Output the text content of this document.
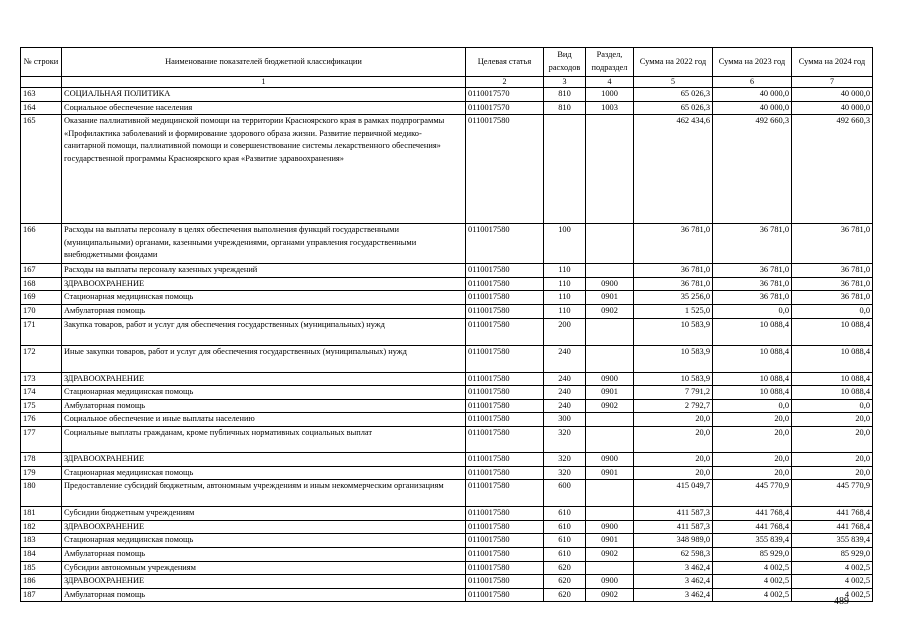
№ строки	Наименование показателей бюджетной классификации	Целевая статья	Вид расходов	Раздел, подраздел	Сумма на 2022 год	Сумма на 2023 год	Сумма на 2024 год
	1	2	3	4	5	6	7
163	СОЦИАЛЬНАЯ ПОЛИТИКА	0110017570	810	1000	65 026,3	40 000,0	40 000,0
164	Социальное обеспечение населения	0110017570	810	1003	65 026,3	40 000,0	40 000,0
165	Оказание паллиативной медицинской помощи на территории Красноярского края в рамках подпрограммы «Профилактика заболеваний и формирование здорового образа жизни. Развитие первичной медико-санитарной помощи, паллиативной помощи и совершенствование системы лекарственного обеспечения» государственной программы Красноярского края «Развитие здравоохранения»	0110017580			462 434,6	492 660,3	492 660,3
166	Расходы на выплаты персоналу в целях обеспечения выполнения функций государственными (муниципальными) органами, казенными учреждениями, органами управления государственными внебюджетными фондами	0110017580	100		36 781,0	36 781,0	36 781,0
167	Расходы на выплаты персоналу казенных учреждений	0110017580	110		36 781,0	36 781,0	36 781,0
168	ЗДРАВООХРАНЕНИЕ	0110017580	110	0900	36 781,0	36 781,0	36 781,0
169	Стационарная медицинская помощь	0110017580	110	0901	35 256,0	36 781,0	36 781,0
170	Амбулаторная помощь	0110017580	110	0902	1 525,0	0,0	0,0
171	Закупка товаров, работ и услуг для обеспечения государственных (муниципальных) нужд	0110017580	200		10 583,9	10 088,4	10 088,4
172	Иные закупки товаров, работ и услуг для обеспечения государственных (муниципальных) нужд	0110017580	240		10 583,9	10 088,4	10 088,4
173	ЗДРАВООХРАНЕНИЕ	0110017580	240	0900	10 583,9	10 088,4	10 088,4
174	Стационарная медицинская помощь	0110017580	240	0901	7 791,2	10 088,4	10 088,4
175	Амбулаторная помощь	0110017580	240	0902	2 792,7	0,0	0,0
176	Социальное обеспечение и иные выплаты населению	0110017580	300		20,0	20,0	20,0
177	Социальные выплаты гражданам, кроме публичных нормативных социальных выплат	0110017580	320		20,0	20,0	20,0
178	ЗДРАВООХРАНЕНИЕ	0110017580	320	0900	20,0	20,0	20,0
179	Стационарная медицинская помощь	0110017580	320	0901	20,0	20,0	20,0
180	Предоставление субсидий бюджетным, автономным учреждениям и иным некоммерческим организациям	0110017580	600		415 049,7	445 770,9	445 770,9
181	Субсидии бюджетным учреждениям	0110017580	610		411 587,3	441 768,4	441 768,4
182	ЗДРАВООХРАНЕНИЕ	0110017580	610	0900	411 587,3	441 768,4	441 768,4
183	Стационарная медицинская помощь	0110017580	610	0901	348 989,0	355 839,4	355 839,4
184	Амбулаторная помощь	0110017580	610	0902	62 598,3	85 929,0	85 929,0
185	Субсидии автономным учреждениям	0110017580	620		3 462,4	4 002,5	4 002,5
186	ЗДРАВООХРАНЕНИЕ	0110017580	620	0900	3 462,4	4 002,5	4 002,5
187	Амбулаторная помощь	0110017580	620	0902	3 462,4	4 002,5	4 002,5
489
